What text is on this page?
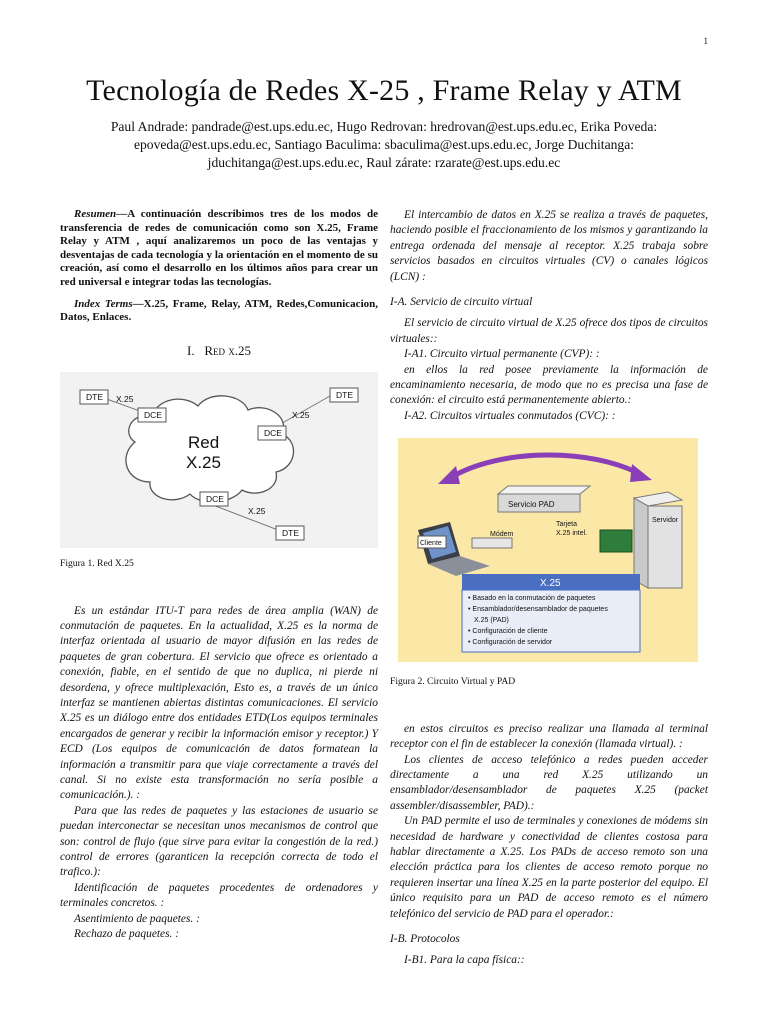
1
Tecnología de Redes X-25 , Frame Relay y ATM
Paul Andrade: pandrade@est.ups.edu.ec, Hugo Redrovan: hredrovan@est.ups.edu.ec, Erika Poveda:
epoveda@est.ups.edu.ec, Santiago Baculima: sbaculima@est.ups.edu.ec, Jorge Duchitanga:
jduchitanga@est.ups.edu.ec, Raul zárate: rzarate@est.ups.edu.ec

Resumen—A continuación describimos tres de los modos de transferencia de redes de comunicación como son X.25, Frame Relay y ATM , aquí analizaremos un poco de las ventajas y desventajas de cada tecnología y la orientación en el momento de su creación, así como el desarrollo en los últimos años para crear un red universal e integrar todas las tecnologías.

Index Terms—X.25, Frame, Relay, ATM, Redes,Comunicacion, Datos, Enlaces.

I. Red x.25
Red
X.25
DTE
DCE
DTE
DCE
DCE
DTE
X.25
X.25
X.25
Figura 1. Red X.25

Es un estándar ITU-T para redes de área amplia (WAN) de conmutación de paquetes. En la actualidad, X.25 es la norma de interfaz orientada al usuario de mayor difusión en las redes de paquetes de gran cobertura. El servicio que ofrece es orientado a conexión, fiable, en el sentido de que no duplica, ni pierde ni desordena, y ofrece multiplexación, Esto es, a través de un único interfaz se mantienen abiertas distintas comunicaciones. El servicio X.25 es un diálogo entre dos entidades ETD(Los equipos terminales encargados de generar y recibir la información emisor y receptor.) Y ECD (Los equipos de comunicación de datos formatean la información a transmitir para que viaje correctamente a través del canal. Si no existe esta transformación no sería posible a comunicación.). :

Para que las redes de paquetes y las estaciones de usuario se puedan interconectar se necesitan unos mecanismos de control que son: control de flujo (que sirve para evitar la congestión de la red.) control de errores (garanticen la recepción correcta de todo el trafico.):

Identificación de paquetes procedentes de ordenadores y terminales concretos. :

Asentimiento de paquetes. :

Rechazo de paquetes. :

El intercambio de datos en X.25 se realiza a través de paquetes, haciendo posible el fraccionamiento de los mismos y garantizando la entrega ordenada del mensaje al receptor. X.25 trabaja sobre servicios basados en circuitos virtuales (CV) o canales lógicos (LCN) :

I-A. Servicio de circuito virtual

El servicio de circuito virtual de X.25 ofrece dos tipos de circuitos virtuales::

I-A1. Circuito virtual permanente (CVP): :

en ellos la red posee previamente la información de encaminamiento necesaria, de modo que no es precisa una fase de conexión: el circuito está permanentemente abierto.:

I-A2. Circuitos virtuales conmutados (CVC): :
Servicio PAD
Cliente
Módem
Tarjeta
X.25 intel.
Servidor
X.25
• Basado en la conmutación de paquetes
• Ensamblador/desensamblador de paquetes
X.25 (PAD)
• Configuración de cliente
• Configuración de servidor
Figura 2. Circuito Virtual y PAD

en estos circuitos es preciso realizar una llamada al terminal receptor con el fin de establecer la conexión (llamada virtual). :

Los clientes de acceso telefónico a redes pueden acceder directamente a una red X.25 utilizando un ensamblador/desensamblador de paquetes X.25 (packet assembler/disassembler, PAD).:

Un PAD permite el uso de terminales y conexiones de módems sin necesidad de hardware y conectividad de clientes costosa para hablar directamente a X.25. Los PADs de acceso remoto son una elección práctica para los clientes de acceso remoto porque no requieren insertar una línea X.25 en la parte posterior del equipo. El único requisito para un PAD de acceso remoto es el número telefónico del servicio de PAD para el operador.:

I-B. Protocolos
I-B1. Para la capa física::
